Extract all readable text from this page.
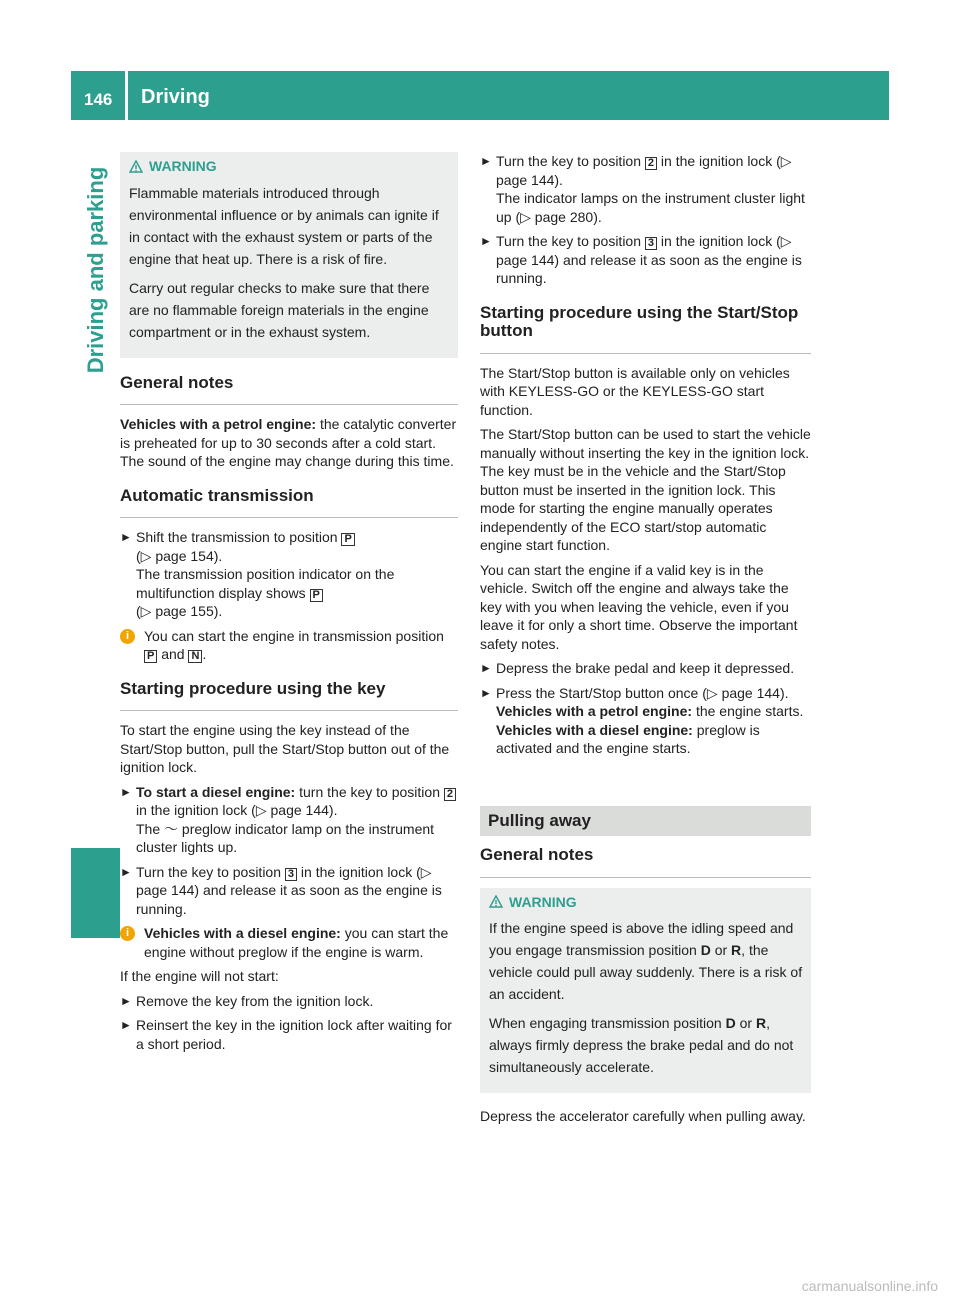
146 Driving
Driving and parking
WARNING

Flammable materials introduced through environmental influence or by animals can ignite if in contact with the exhaust system or parts of the engine that heat up. There is a risk of fire.

Carry out regular checks to make sure that there are no flammable foreign materials in the engine compartment or in the exhaust system.

General notes

Vehicles with a petrol engine: the catalytic converter is preheated for up to 30 seconds after a cold start. The sound of the engine may change during this time.

Automatic transmission
► Shift the transmission to position P
(▷ page 154).
The transmission position indicator on the multifunction display shows P
(▷ page 155).
i	You can start the engine in transmission position P and N .
Starting procedure using the key

To start the engine using the key instead of the Start/Stop button, pull the Start/Stop button out of the ignition lock.

► To start a diesel engine: turn the key to position 2 in the ignition lock (▷ page 144).
The 〜 preglow indicator lamp on the instrument cluster lights up.
► Turn the key to position 3 in the ignition lock (▷ page 144) and release it as soon as the engine is running.
i	Vehicles with a diesel engine: you can start the engine without preglow if the engine is warm.

If the engine will not start:

► Remove the key from the ignition lock.
► Reinsert the key in the ignition lock after waiting for a short period.
► Turn the key to position 2 in the ignition lock (▷ page 144).
The indicator lamps on the instrument cluster light up (▷ page 280).
► Turn the key to position 3 in the ignition lock (▷ page 144) and release it as soon as the engine is running.
Starting procedure using the Start/Stop button

The Start/Stop button is available only on vehicles with KEYLESS-GO or the KEYLESS-GO start function.

The Start/Stop button can be used to start the vehicle manually without inserting the key in the ignition lock. The key must be in the vehicle and the Start/Stop button must be inserted in the ignition lock. This mode for starting the engine manually operates independently of the ECO start/stop automatic engine start function.

You can start the engine if a valid key is in the vehicle. Switch off the engine and always take the key with you when leaving the vehicle, even if you leave it for only a short time. Observe the important safety notes.

► Depress the brake pedal and keep it depressed.
► Press the Start/Stop button once (▷ page 144).
Vehicles with a petrol engine: the engine starts.
Vehicles with a diesel engine: preglow is activated and the engine starts.
Pulling away
General notes
WARNING

If the engine speed is above the idling speed and you engage transmission position D or R, the vehicle could pull away suddenly. There is a risk of an accident.

When engaging transmission position D or R, always firmly depress the brake pedal and do not simultaneously accelerate.

Depress the accelerator carefully when pulling away.

carmanualsonline.info
